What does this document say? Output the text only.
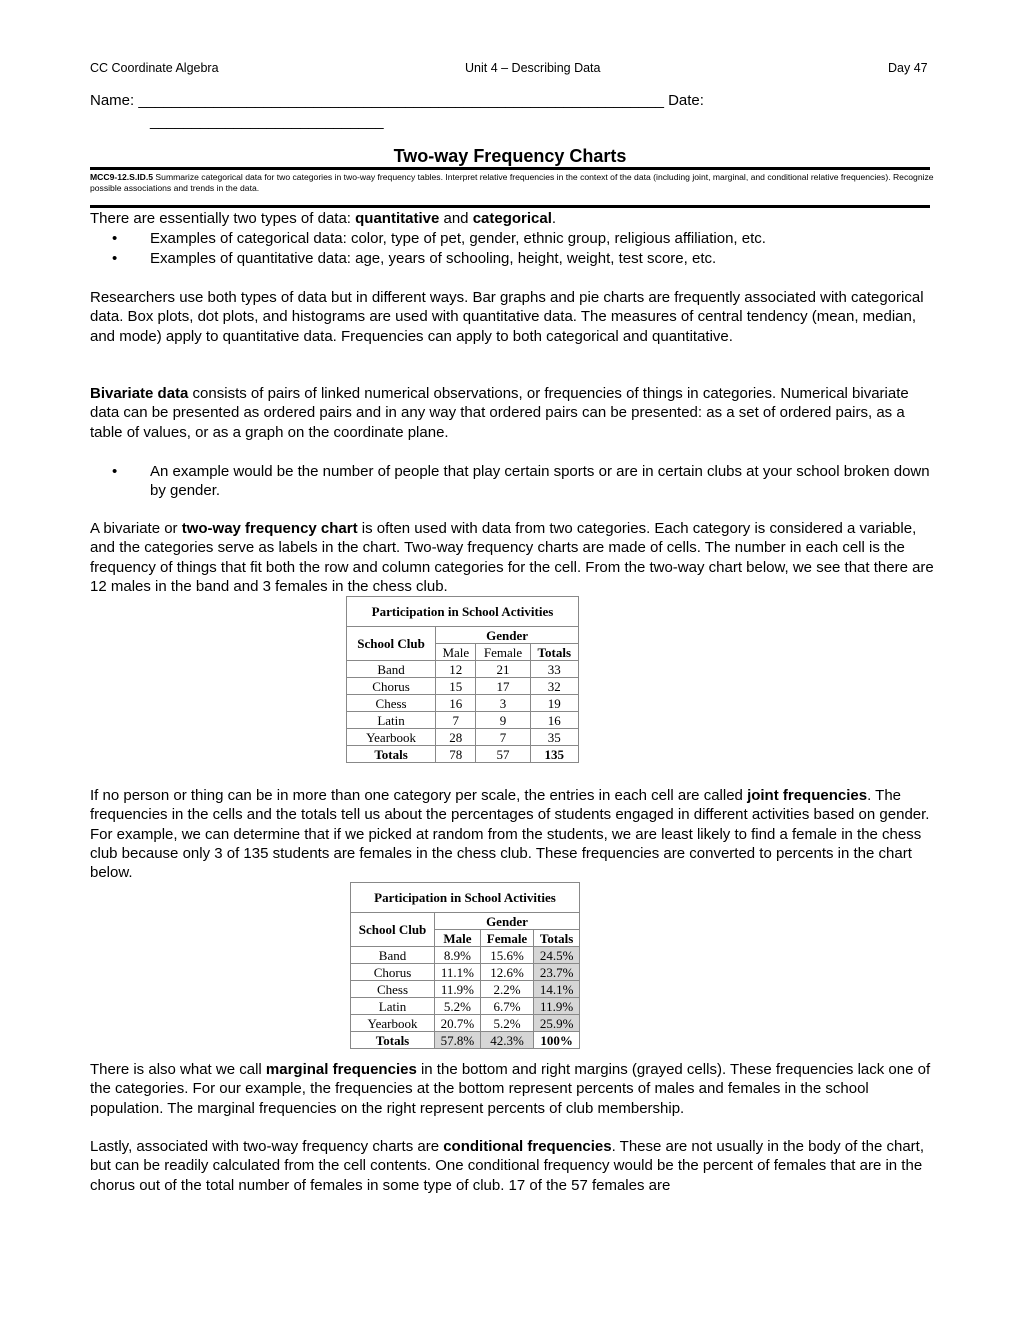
CC Coordinate Algebra	Unit 4 – Describing Data	Day 47
Name: _______________________________________________________________ Date:
____________________________
Two-way Frequency Charts
MCC9-12.S.ID.5 Summarize categorical data for two categories in two-way frequency tables. Interpret relative frequencies in the context of the data (including joint, marginal, and conditional relative frequencies). Recognize possible associations and trends in the data.
There are essentially two types of data: quantitative and categorical.
• Examples of categorical data: color, type of pet, gender, ethnic group, religious affiliation, etc.
• Examples of quantitative data: age, years of schooling, height, weight, test score, etc.
Researchers use both types of data but in different ways. Bar graphs and pie charts are frequently associated with categorical data. Box plots, dot plots, and histograms are used with quantitative data. The measures of central tendency (mean, median, and mode) apply to quantitative data. Frequencies can apply to both categorical and quantitative.
Bivariate data consists of pairs of linked numerical observations, or frequencies of things in categories. Numerical bivariate data can be presented as ordered pairs and in any way that ordered pairs can be presented: as a set of ordered pairs, as a table of values, or as a graph on the coordinate plane.
• An example would be the number of people that play certain sports or are in certain clubs at your school broken down by gender.
A bivariate or two-way frequency chart is often used with data from two categories. Each category is considered a variable, and the categories serve as labels in the chart. Two-way frequency charts are made of cells. The number in each cell is the frequency of things that fit both the row and column categories for the cell. From the two-way chart below, we see that there are 12 males in the band and 3 females in the chess club.
Participation in School Activities			
School Club	Gender		
	Male	Female	Totals
Band	12	21	33
Chorus	15	17	32
Chess	16	3	19
Latin	7	9	16
Yearbook	28	7	35
Totals	78	57	135
If no person or thing can be in more than one category per scale, the entries in each cell are called joint frequencies. The frequencies in the cells and the totals tell us about the percentages of students engaged in different activities based on gender. For example, we can determine that if we picked at random from the students, we are least likely to find a female in the chess club because only 3 of 135 students are females in the chess club. These frequencies are converted to percents in the chart below.
Participation in School Activities			
School Club	Gender		
	Male	Female	Totals
Band	8.9%	15.6%	24.5%
Chorus	11.1%	12.6%	23.7%
Chess	11.9%	2.2%	14.1%
Latin	5.2%	6.7%	11.9%
Yearbook	20.7%	5.2%	25.9%
Totals	57.8%	42.3%	100%
There is also what we call marginal frequencies in the bottom and right margins (grayed cells). These frequencies lack one of the categories. For our example, the frequencies at the bottom represent percents of males and females in the school population. The marginal frequencies on the right represent percents of club membership.
Lastly, associated with two-way frequency charts are conditional frequencies. These are not usually in the body of the chart, but can be readily calculated from the cell contents. One conditional frequency would be the percent of females that are in the chorus out of the total number of females in some type of club. 17 of the 57 females are
